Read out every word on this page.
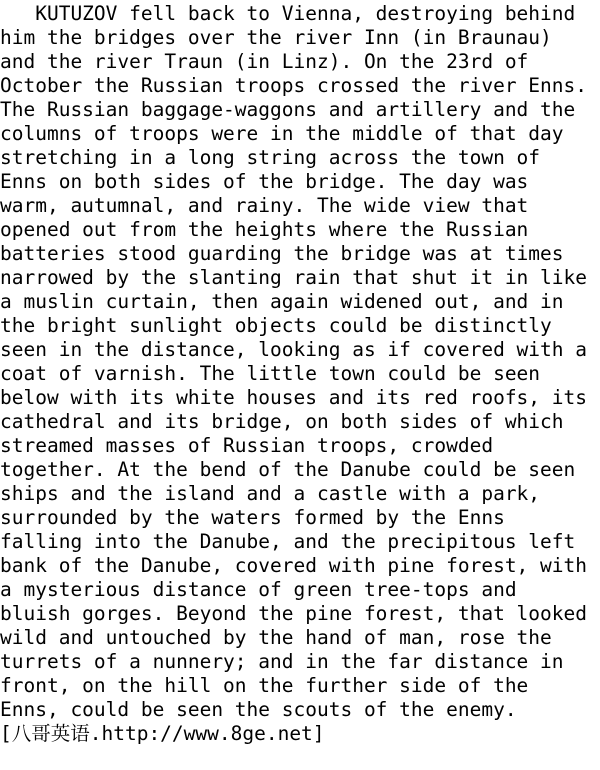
KUTUZOV fell back to Vienna, destroying behind
him the bridges over the river Inn (in Braunau)
and the river Traun (in Linz). On the 23rd of
October the Russian troops crossed the river Enns.
The Russian baggage-waggons and artillery and the
columns of troops were in the middle of that day
stretching in a long string across the town of
Enns on both sides of the bridge. The day was
warm, autumnal, and rainy. The wide view that
opened out from the heights where the Russian
batteries stood guarding the bridge was at times
narrowed by the slanting rain that shut it in like
a muslin curtain, then again widened out, and in
the bright sunlight objects could be distinctly
seen in the distance, looking as if covered with a
coat of varnish. The little town could be seen
below with its white houses and its red roofs, its
cathedral and its bridge, on both sides of which
streamed masses of Russian troops, crowded
together. At the bend of the Danube could be seen
ships and the island and a castle with a park,
surrounded by the waters formed by the Enns
falling into the Danube, and the precipitous left
bank of the Danube, covered with pine forest, with
a mysterious distance of green tree-tops and
bluish gorges. Beyond the pine forest, that looked
wild and untouched by the hand of man, rose the
turrets of a nunnery; and in the far distance in
front, on the hill on the further side of the
Enns, could be seen the scouts of the enemy.
[八哥英语.http://www.8ge.net]
